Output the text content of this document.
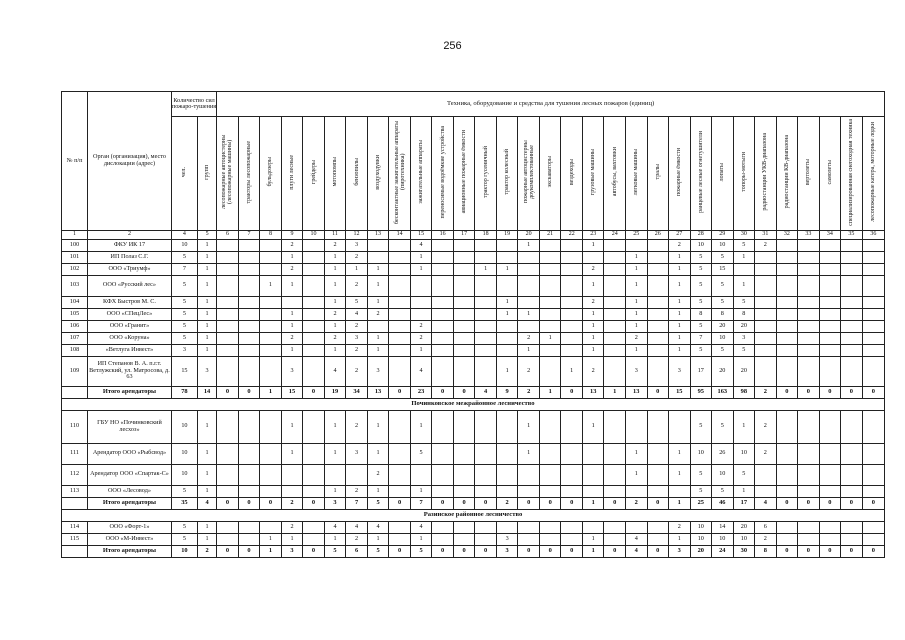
256
№ п/п	Орган (организация), место дислокации (адрес)	Количество сил пожаро-тушения		Техника, оборудование и средства для тушения лесных пожаров (единиц)																														
		чел.	групп	лесопожарные автоцистерны (лесопожарные машины)	тракторы лесопожарные	бульдозеры	плуги лесные	грейдеры	мотопомпы	бензопилы	воздуходувки	бесконтактные зажигательные аппараты (пиротехника)	зажигательные аппараты	переносимые водоёмкие устройства	авиационные пожарные ёмкости	трактор гусеничный	трактор колесный	пожарные автоцистерны доукомплектованные	экскаваторы	вездеходы	грузовые машины	автобусы, вахтовки	легковые машины	тралы	пожарные ёмкости	ранцевые лесные огнетушители	лопаты	топоры-мотыги	радиостанции УКВ-диапазона	радиостанции КВ-диапазона	вертолеты	самолеты	специализированная снегоходная техника	лесопожарные катера, моторные лодки
1	2	4	5	6	7	8	9	10	11	12	13	14	15	16	17	18	19	20	21	22	23	24	25	26	27	28	29	30	31	32	33	34	35	36
100	ФКУ ИК 17	10	1				2		2	3			4					1			1				2	10	10	5	2					
101	ИП Полаз С.Г.	5	1				1		1	2			1										1		1	5	5	1						
102	ООО «Триумф»	7	1				2		1	1	1		1			1	1				2		1		1	5	15							
103	ООО «Русский лес»	5	1			1	1		1	2	1										1		1		1	5	5	1						
104	КФХ Быстров М. С.	5	1						1	5	1						1				2		1		1	5	5	5						
105	ООО «СПецЛес»	5	1				1		2	4	2						1	1			1		1		1	8	8	8						
106	ООО «Гранит»	5	1				1		1	2			2								1		1		1	5	20	20						
107	ООО «Коруна»	5	1				2		2	3	1		2					2	1		1		2		1	7	10	3						
108	«Ветлуга Инвест»	3	1				1		1	2	1		1					1			1		1		1	5	5	5						
109	ИП Степанов В. А. п.г.т. Ветлужский, ул. Матросова, д. 63	15	3				3		4	2	3		4				1	2		1	2		3		3	17	20	20						
	Итого арендаторы	78	14	0	0	1	15	0	19	34	13	0	23	0	0	4	9	2	1	0	13	1	13	0	15	95	163	98	2	0	0	0	0	0
Починковское межрайонное лесничество																																		
110	ГБУ НО «Починковский лесхоз»	10	1				1		1	2	1		1					1			1					5	5	1	2					
111	Арендатор ООО «Рыбсвод»	10	1				1		1	3	1		5					1					1		1	10	26	10	2					
112	Арендатор ООО «Спартак-С»	10	1								2												1		1	5	10	5						
113	ООО «Лесовод»	5	1						1	2	1		1													5	5	1						
	Итого арендаторы	35	4	0	0	0	2	0	3	7	5	0	7	0	0	0	2	0	0	0	1	0	2	0	1	25	46	17	4	0	0	0	0	0
Разинское районное лесничество																																		
114	ООО «Форт-1»	5	1				2		4	4	4		4												2	10	14	20	6					
115	ООО «М-Инвест»	5	1			1	1		1	2	1		1				3				1		4		1	10	10	10	2					
	Итого арендаторы	10	2	0	0	1	3	0	5	6	5	0	5	0	0	0	3	0	0	0	1	0	4	0	3	20	24	30	8	0	0	0	0	0
